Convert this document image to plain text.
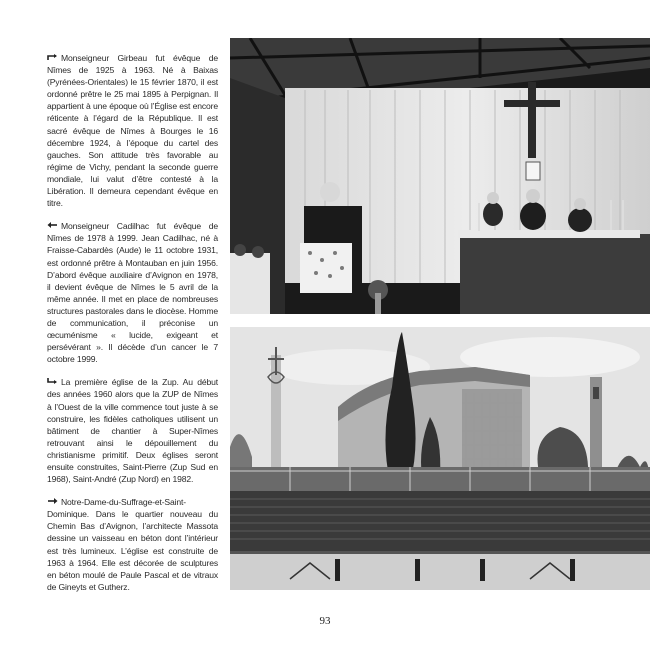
Monseigneur Girbeau fut évêque de Nîmes de 1925 à 1963. Né à Baixas (Pyrénées-Orientales) le 15 février 1870, il est ordonné prêtre le 25 mai 1895 à Perpignan. Il appartient à une époque où l’Église est encore réticente à l’égard de la République. Il est sacré évêque de Nîmes à Bourges le 16 décembre 1924, à l’époque du cartel des gauches. Son attitude très favorable au régime de Vichy, pendant la seconde guerre mondiale, lui valut d’être contesté à la Libération. Il demeura cependant évêque en titre.

Monseigneur Cadilhac fut évêque de Nîmes de 1978 à 1999. Jean Cadilhac, né à Fraisse-Cabardès (Aude) le 11 octobre 1931, est ordonné prêtre à Montauban en juin 1956. D’abord évêque auxiliaire d’Avignon en 1978, il devient évêque de Nîmes le 5 avril de la même année. Il met en place de nombreuses structures pastorales dans le diocèse. Homme de communication, il préconise un œcuménisme « lucide, exigeant et persévérant ». Il décède d’un cancer le 7 octobre 1999.

La première église de la Zup. Au début des années 1960 alors que la ZUP de Nîmes à l’Ouest de la ville commence tout juste à se construire, les fidèles catholiques utilisent un bâtiment de chantier à Super-Nîmes retrouvant ainsi le dépouillement du christianisme primitif. Deux églises seront ensuite construites, Saint-Pierre (Zup Sud en 1968), Saint-André (Zup Nord) en 1982.

Notre-Dame-du-Suffrage-et-Saint-Dominique. Dans le quartier nouveau du Chemin Bas d’Avignon, l’architecte Massota dessine un vaisseau en béton dont l’intérieur est très lumineux. L’église est construite de 1963 à 1964. Elle est décorée de sculptures en béton moulé de Paule Pascal et de vitraux de Gineyts et Gutherz.

93
